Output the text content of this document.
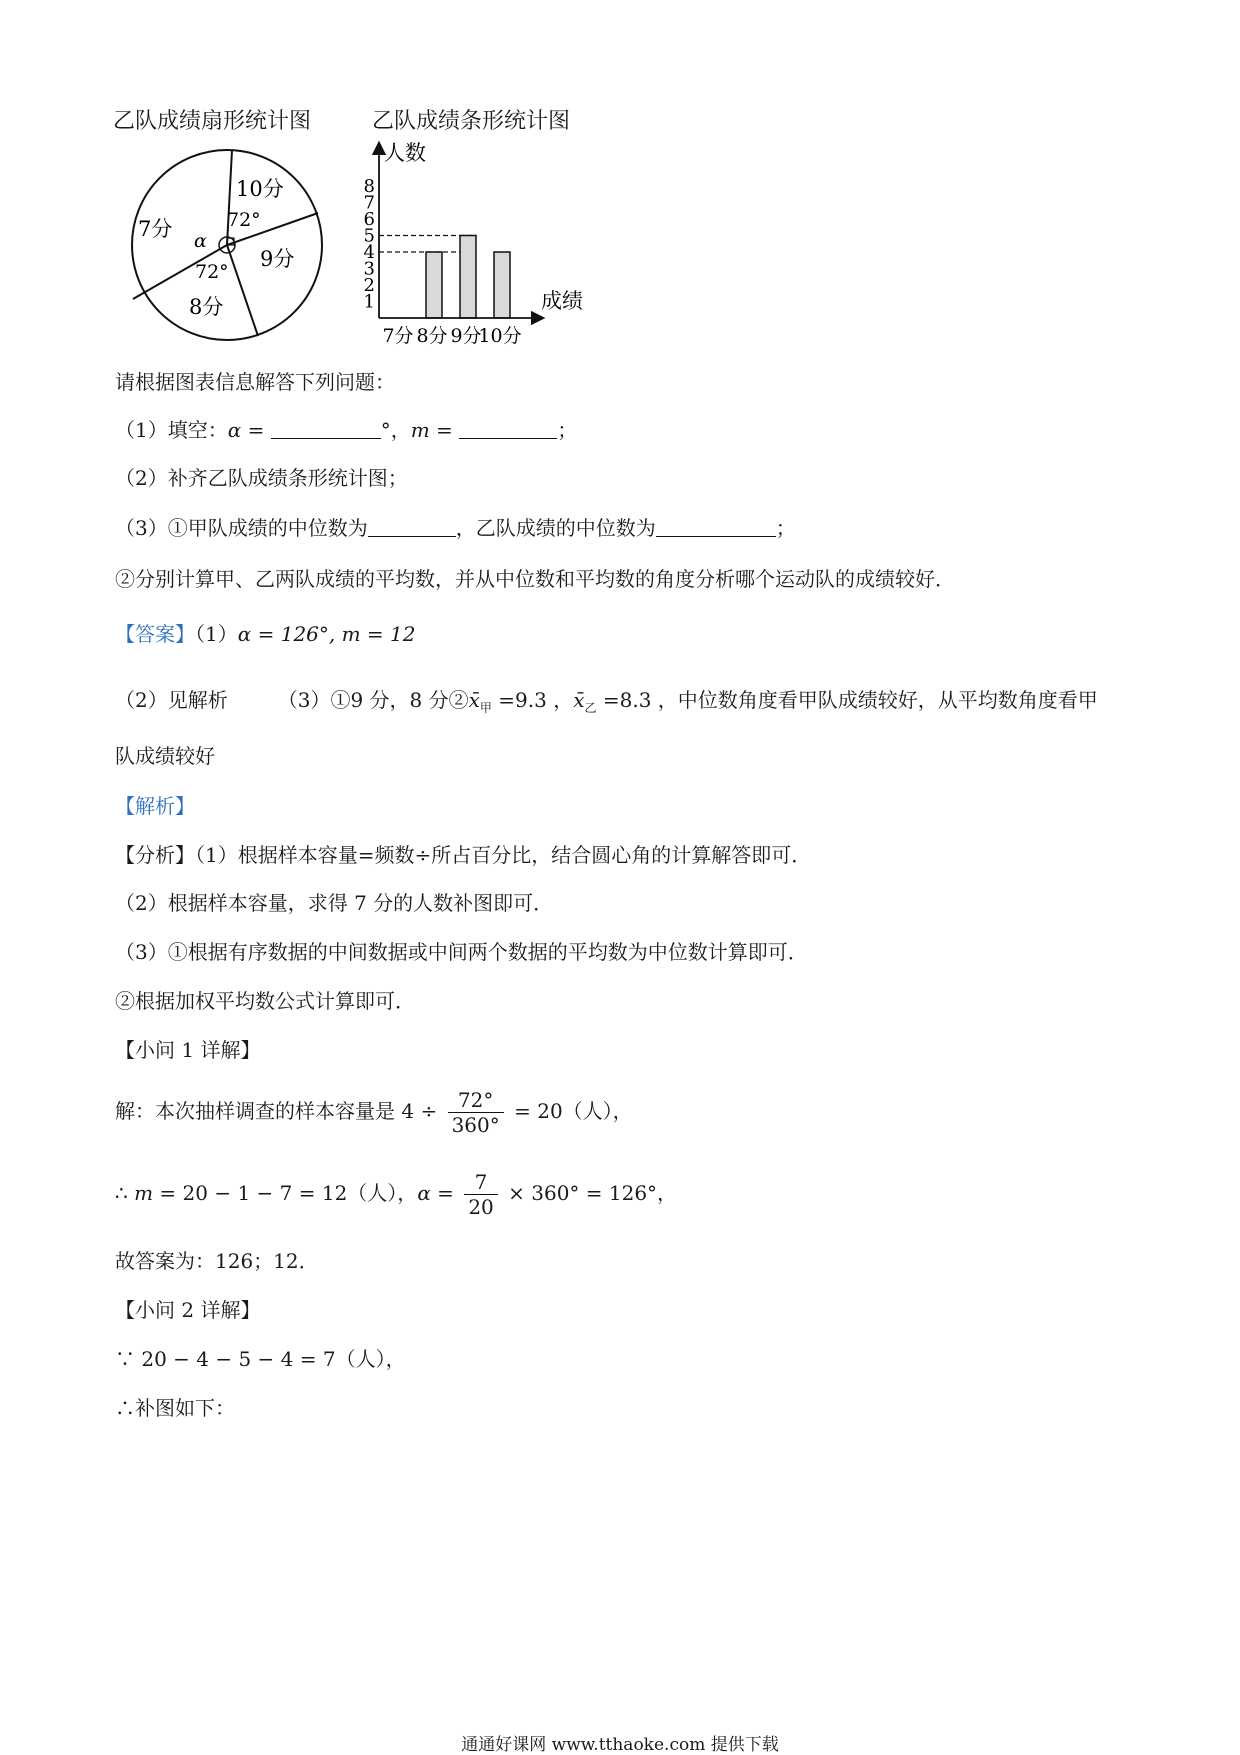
乙队成绩扇形统计图	乙队成绩条形统计图
10分
9分
8分
7分	72°
72°
α
1
2
3
4
5
6
7
8
7分 8分 9分
10分
人数
成绩
请根据图表信息解答下列问题：
（1）填空：α =	°，m =	；
（2）补齐乙队成绩条形统计图；
（3）①甲队成绩的中位数为	，乙队成绩的中位数为	；
②分别计算甲、乙两队成绩的平均数，并从中位数和平均数的角度分析哪个运动队的成绩较好．
【答案】（1）α = 126°, m = 12
（2）见解析	（3）①9 分，8 分$②x̄_甲 =9.3$ ，$x̄_乙 =8.3$ ，中位数角度看甲队成绩较好，从平均数角度看甲
队成绩较好
【解析】
【分析】（1）根据样本容量=频数÷所占百分比，结合圆心角的计算解答即可．
（2）根据样本容量，求得 7 分的人数补图即可．
（3）①根据有序数据的中间数据或中间两个数据的平均数为中位数计算即可．
②根据加权平均数公式计算即可．
【小问 1 详解】
解：本次抽样调查的样本容量是 $4 \div \frac{72^\circ}{360^\circ} = 20$（人），
∴ m = 20 − 1 − 7 = 12（人），$\alpha = \frac{7}{20} \times 360^\circ = 126^\circ$，
故答案为：126；12．
【小问 2 详解】
∵ 20 − 4 − 5 − 4 = 7（人），
∴补图如下：
通通好课网 www.tthaoke.com 提供下载
